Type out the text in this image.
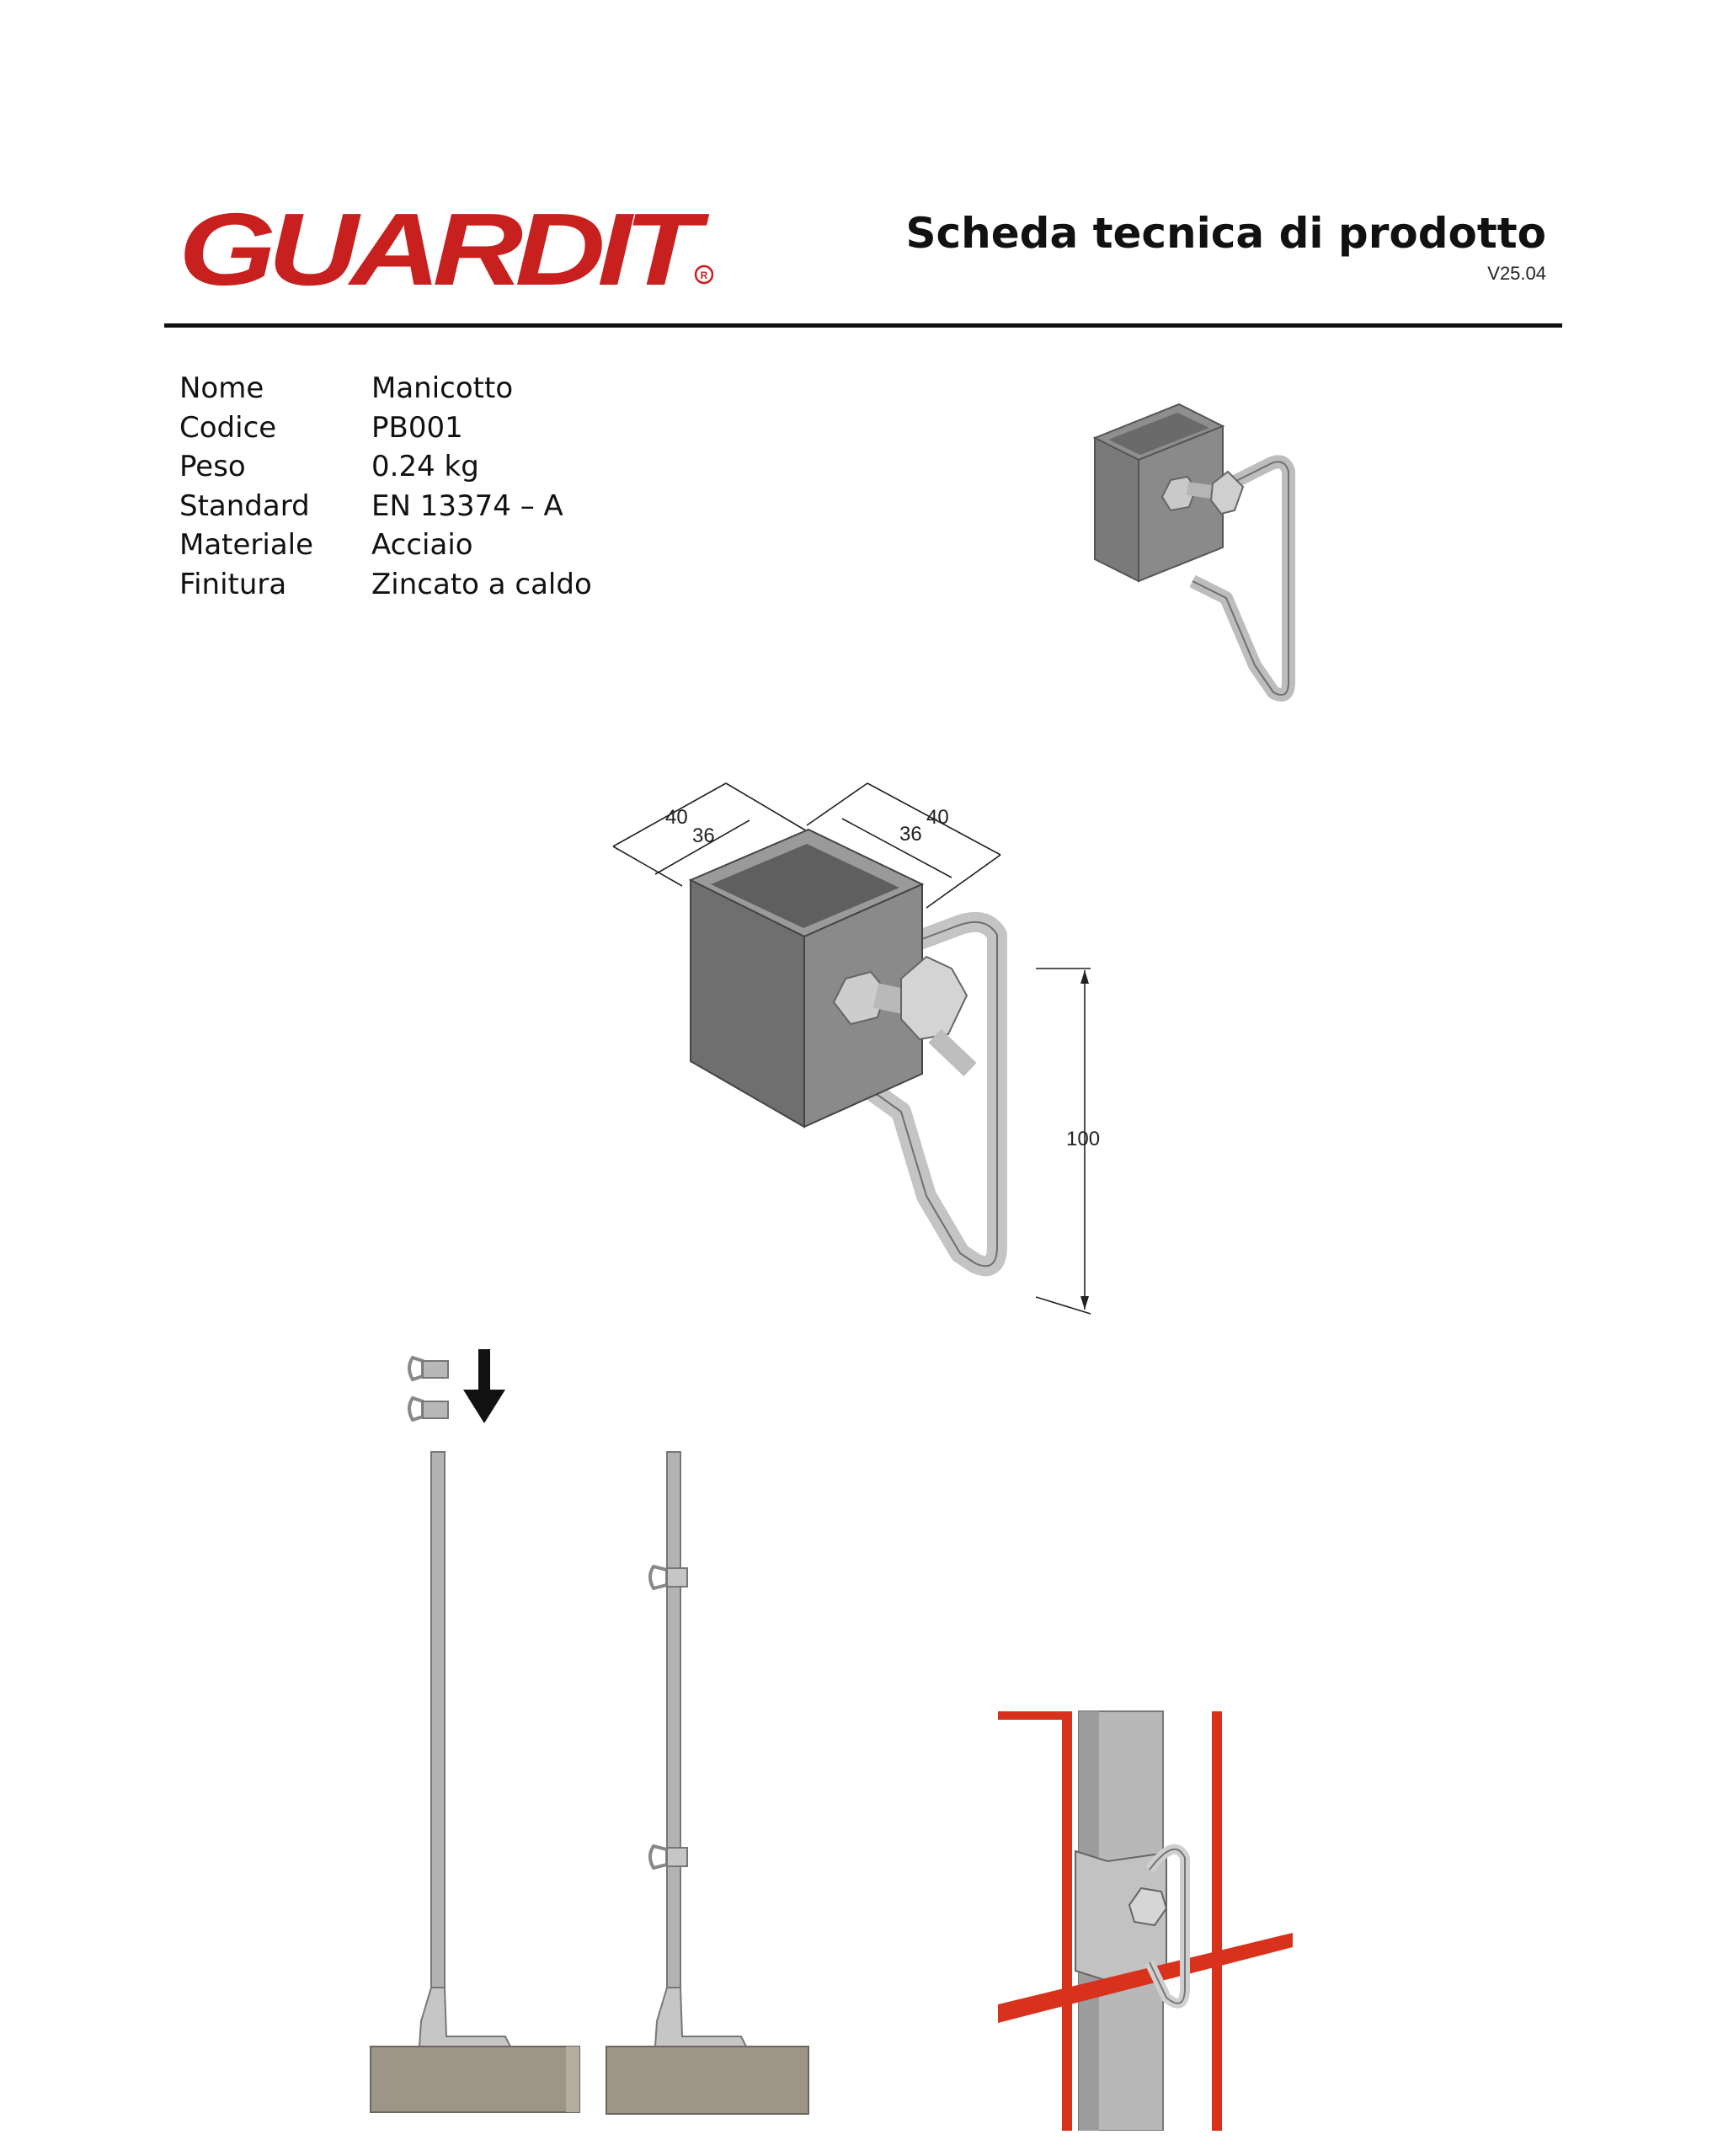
GUARDIT
R
Scheda tecnica di prodotto
V25.04
Nome	Manicotto
Codice	PB001
Peso	0.24 kg
Standard	EN 13374 – A
Materiale	Acciaio
Finitura	Zincato a caldo
40
36	36
40
100
